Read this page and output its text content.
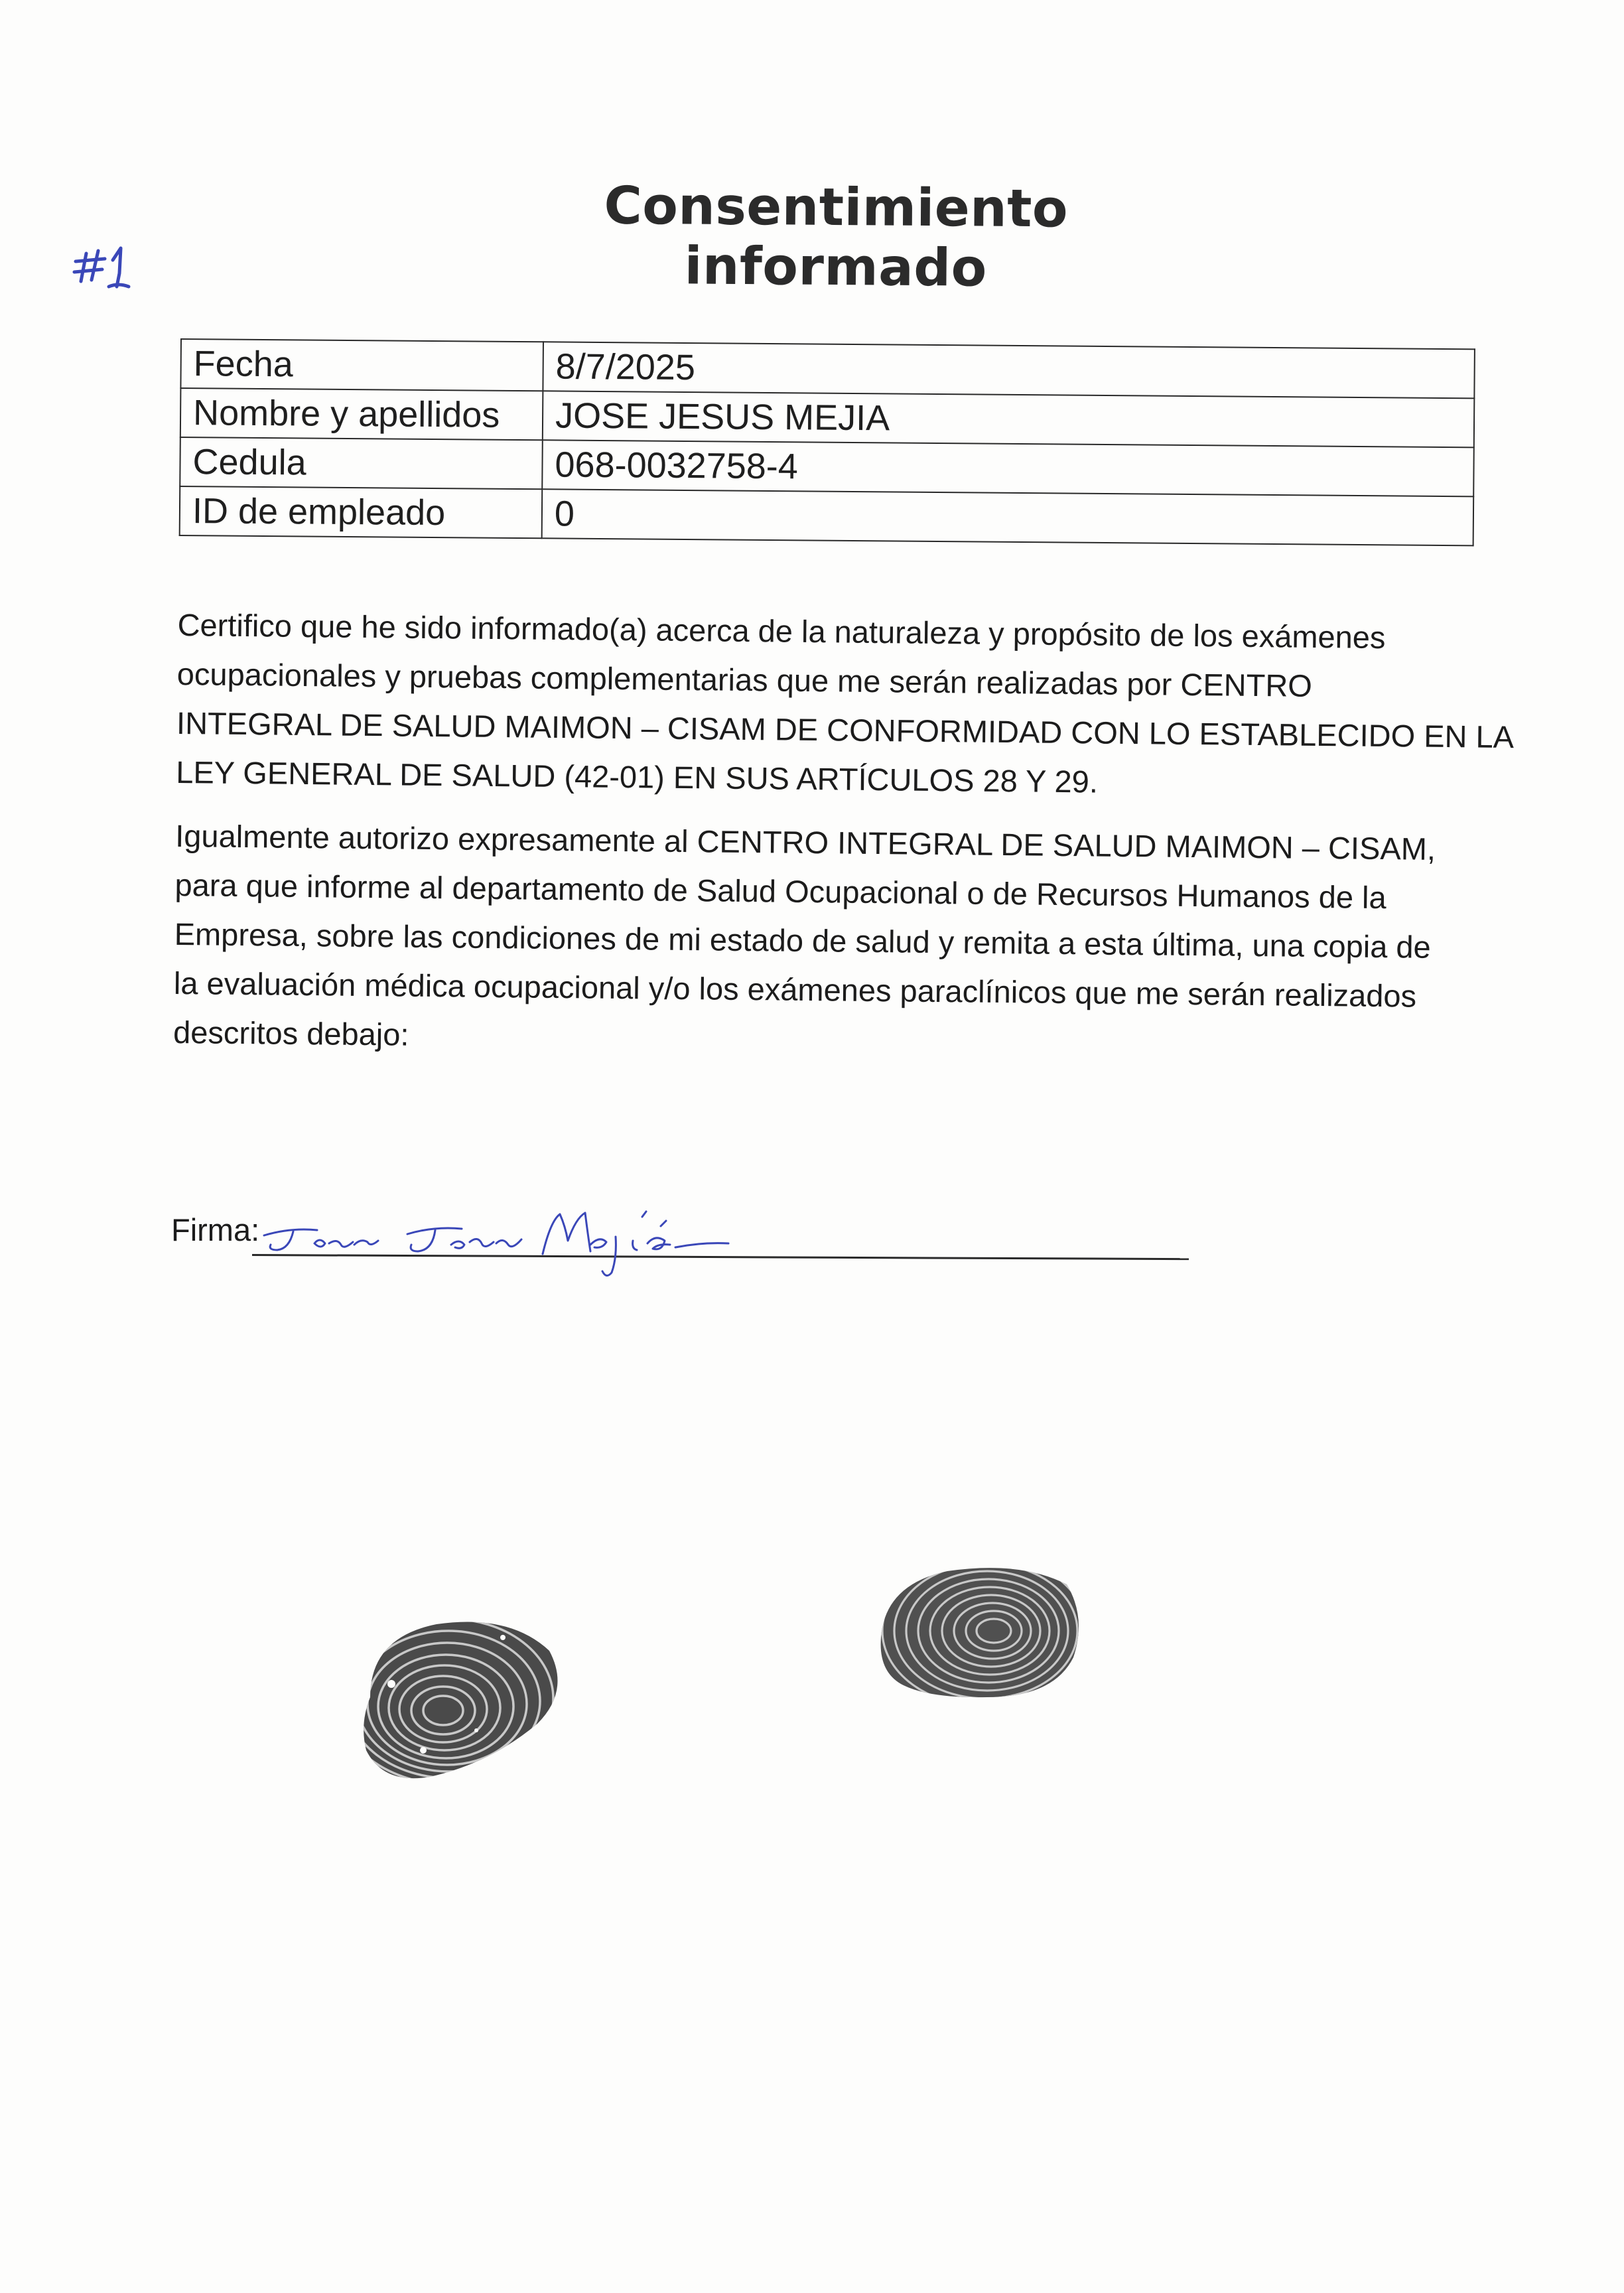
Consentimiento informado
Fecha	8/7/2025
Nombre y apellidos	JOSE JESUS MEJIA
Cedula	068-0032758-4
ID de empleado	0

Certifico que he sido informado(a) acerca de la naturaleza y propósito de los exámenes
ocupacionales y pruebas complementarias que me serán realizadas por CENTRO
INTEGRAL DE SALUD MAIMON – CISAM DE CONFORMIDAD CON LO ESTABLECIDO EN LA
LEY GENERAL DE SALUD (42-01) EN SUS ARTÍCULOS 28 Y 29.

Igualmente autorizo expresamente al CENTRO INTEGRAL DE SALUD MAIMON – CISAM,
para que informe al departamento de Salud Ocupacional o de Recursos Humanos de la
Empresa, sobre las condiciones de mi estado de salud y remita a esta última, una copia de
la evaluación médica ocupacional y/o los exámenes paraclínicos que me serán realizados
descritos debajo:

Firma:
